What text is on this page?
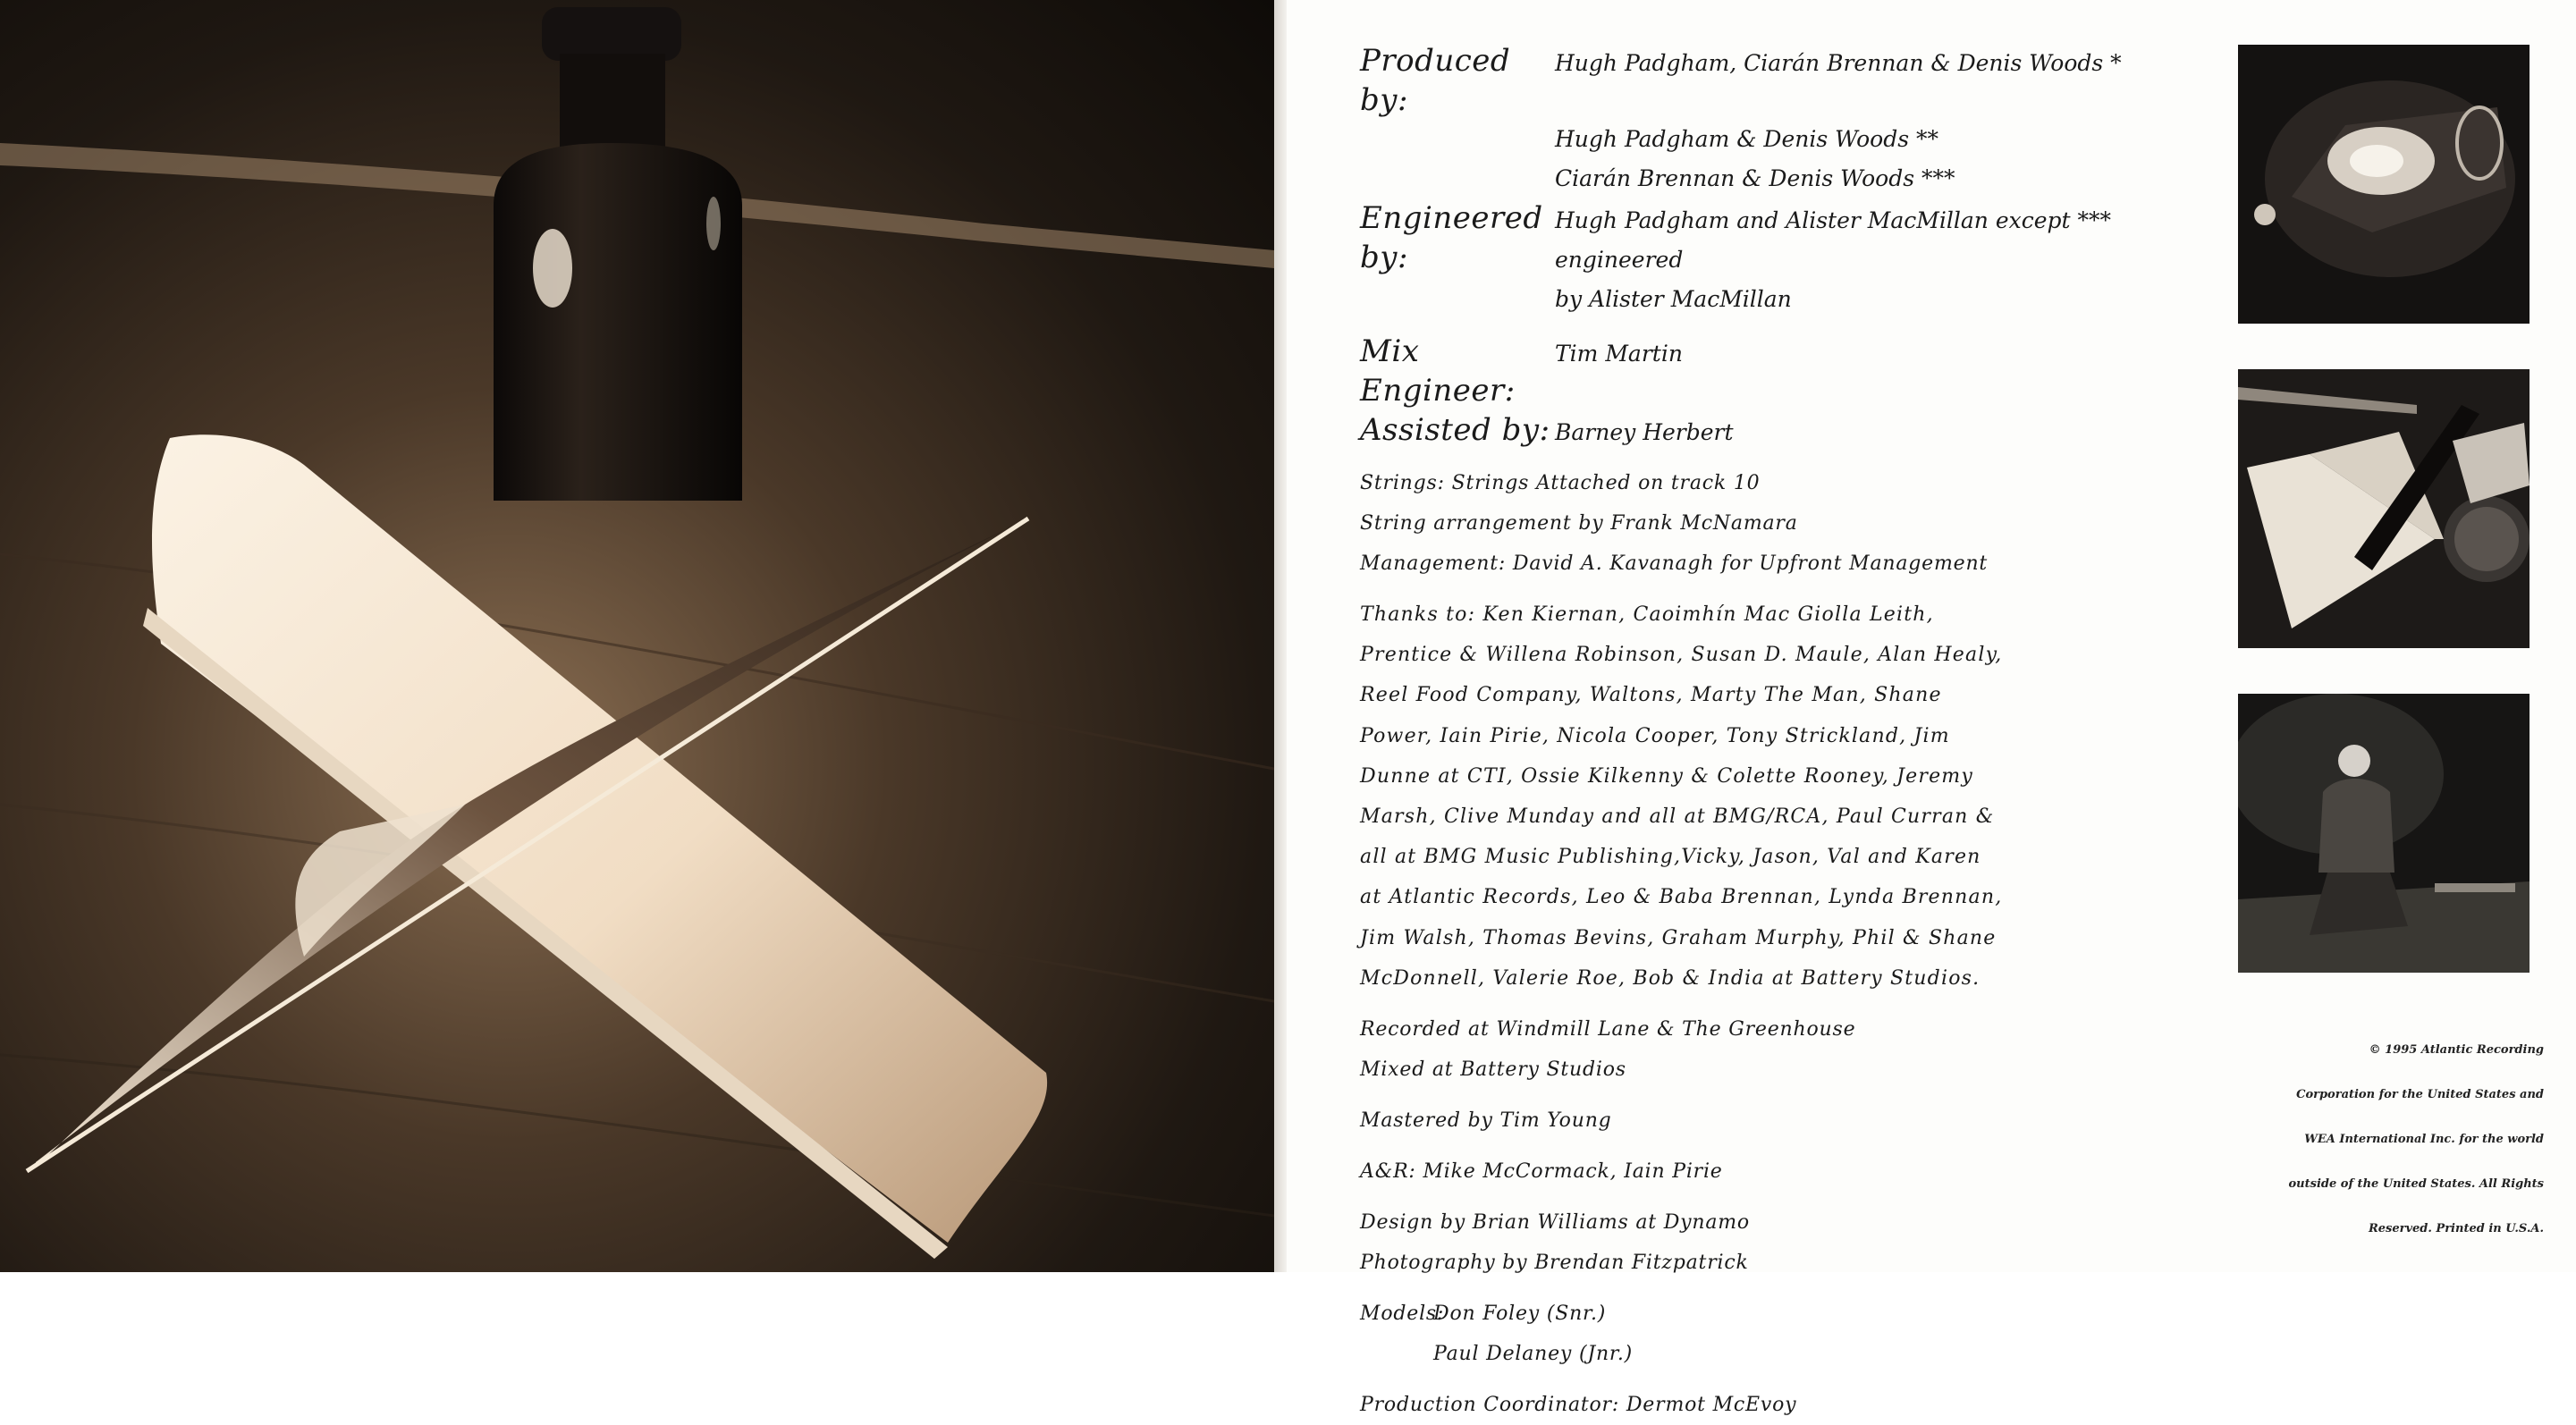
Produced by:
Hugh Padgham, Ciarán Brennan & Denis Woods *
Hugh Padgham & Denis Woods **
Ciarán Brennan & Denis Woods ***
Engineered by:
Hugh Padgham and Alister MacMillan except *** engineered
by Alister MacMillan
Mix Engineer:
Tim Martin
Assisted by: Barney Herbert

Strings: Strings Attached on track 10

String arrangement by Frank McNamara

Management: David A. Kavanagh for Upfront Management

Thanks to: Ken Kiernan, Caoimhín Mac Giolla Leith, Prentice & Willena Robinson, Susan D. Maule, Alan Healy, Reel Food Company, Waltons, Marty The Man, Shane Power, Iain Pirie, Nicola Cooper, Tony Strickland, Jim Dunne at CTI, Ossie Kilkenny & Colette Rooney, Jeremy Marsh, Clive Munday and all at BMG/RCA, Paul Curran & all at BMG Music Publishing,Vicky, Jason, Val and Karen at Atlantic Records, Leo & Baba Brennan, Lynda Brennan, Jim Walsh, Thomas Bevins, Graham Murphy, Phil & Shane McDonnell, Valerie Roe, Bob & India at Battery Studios.

Recorded at Windmill Lane & The Greenhouse

Mixed at Battery Studios

Mastered by Tim Young

A&R: Mike McCormack, Iain Pirie

Design by Brian Williams at Dynamo

Photography by Brendan Fitzpatrick

Models:
Don Foley (Snr.)
Paul Delaney (Jnr.)

Production Coordinator: Dermot McEvoy

© 1995 Atlantic Recording
Corporation for the United States and
WEA International Inc. for the world
outside of the United States. All Rights
Reserved. Printed in U.S.A.
